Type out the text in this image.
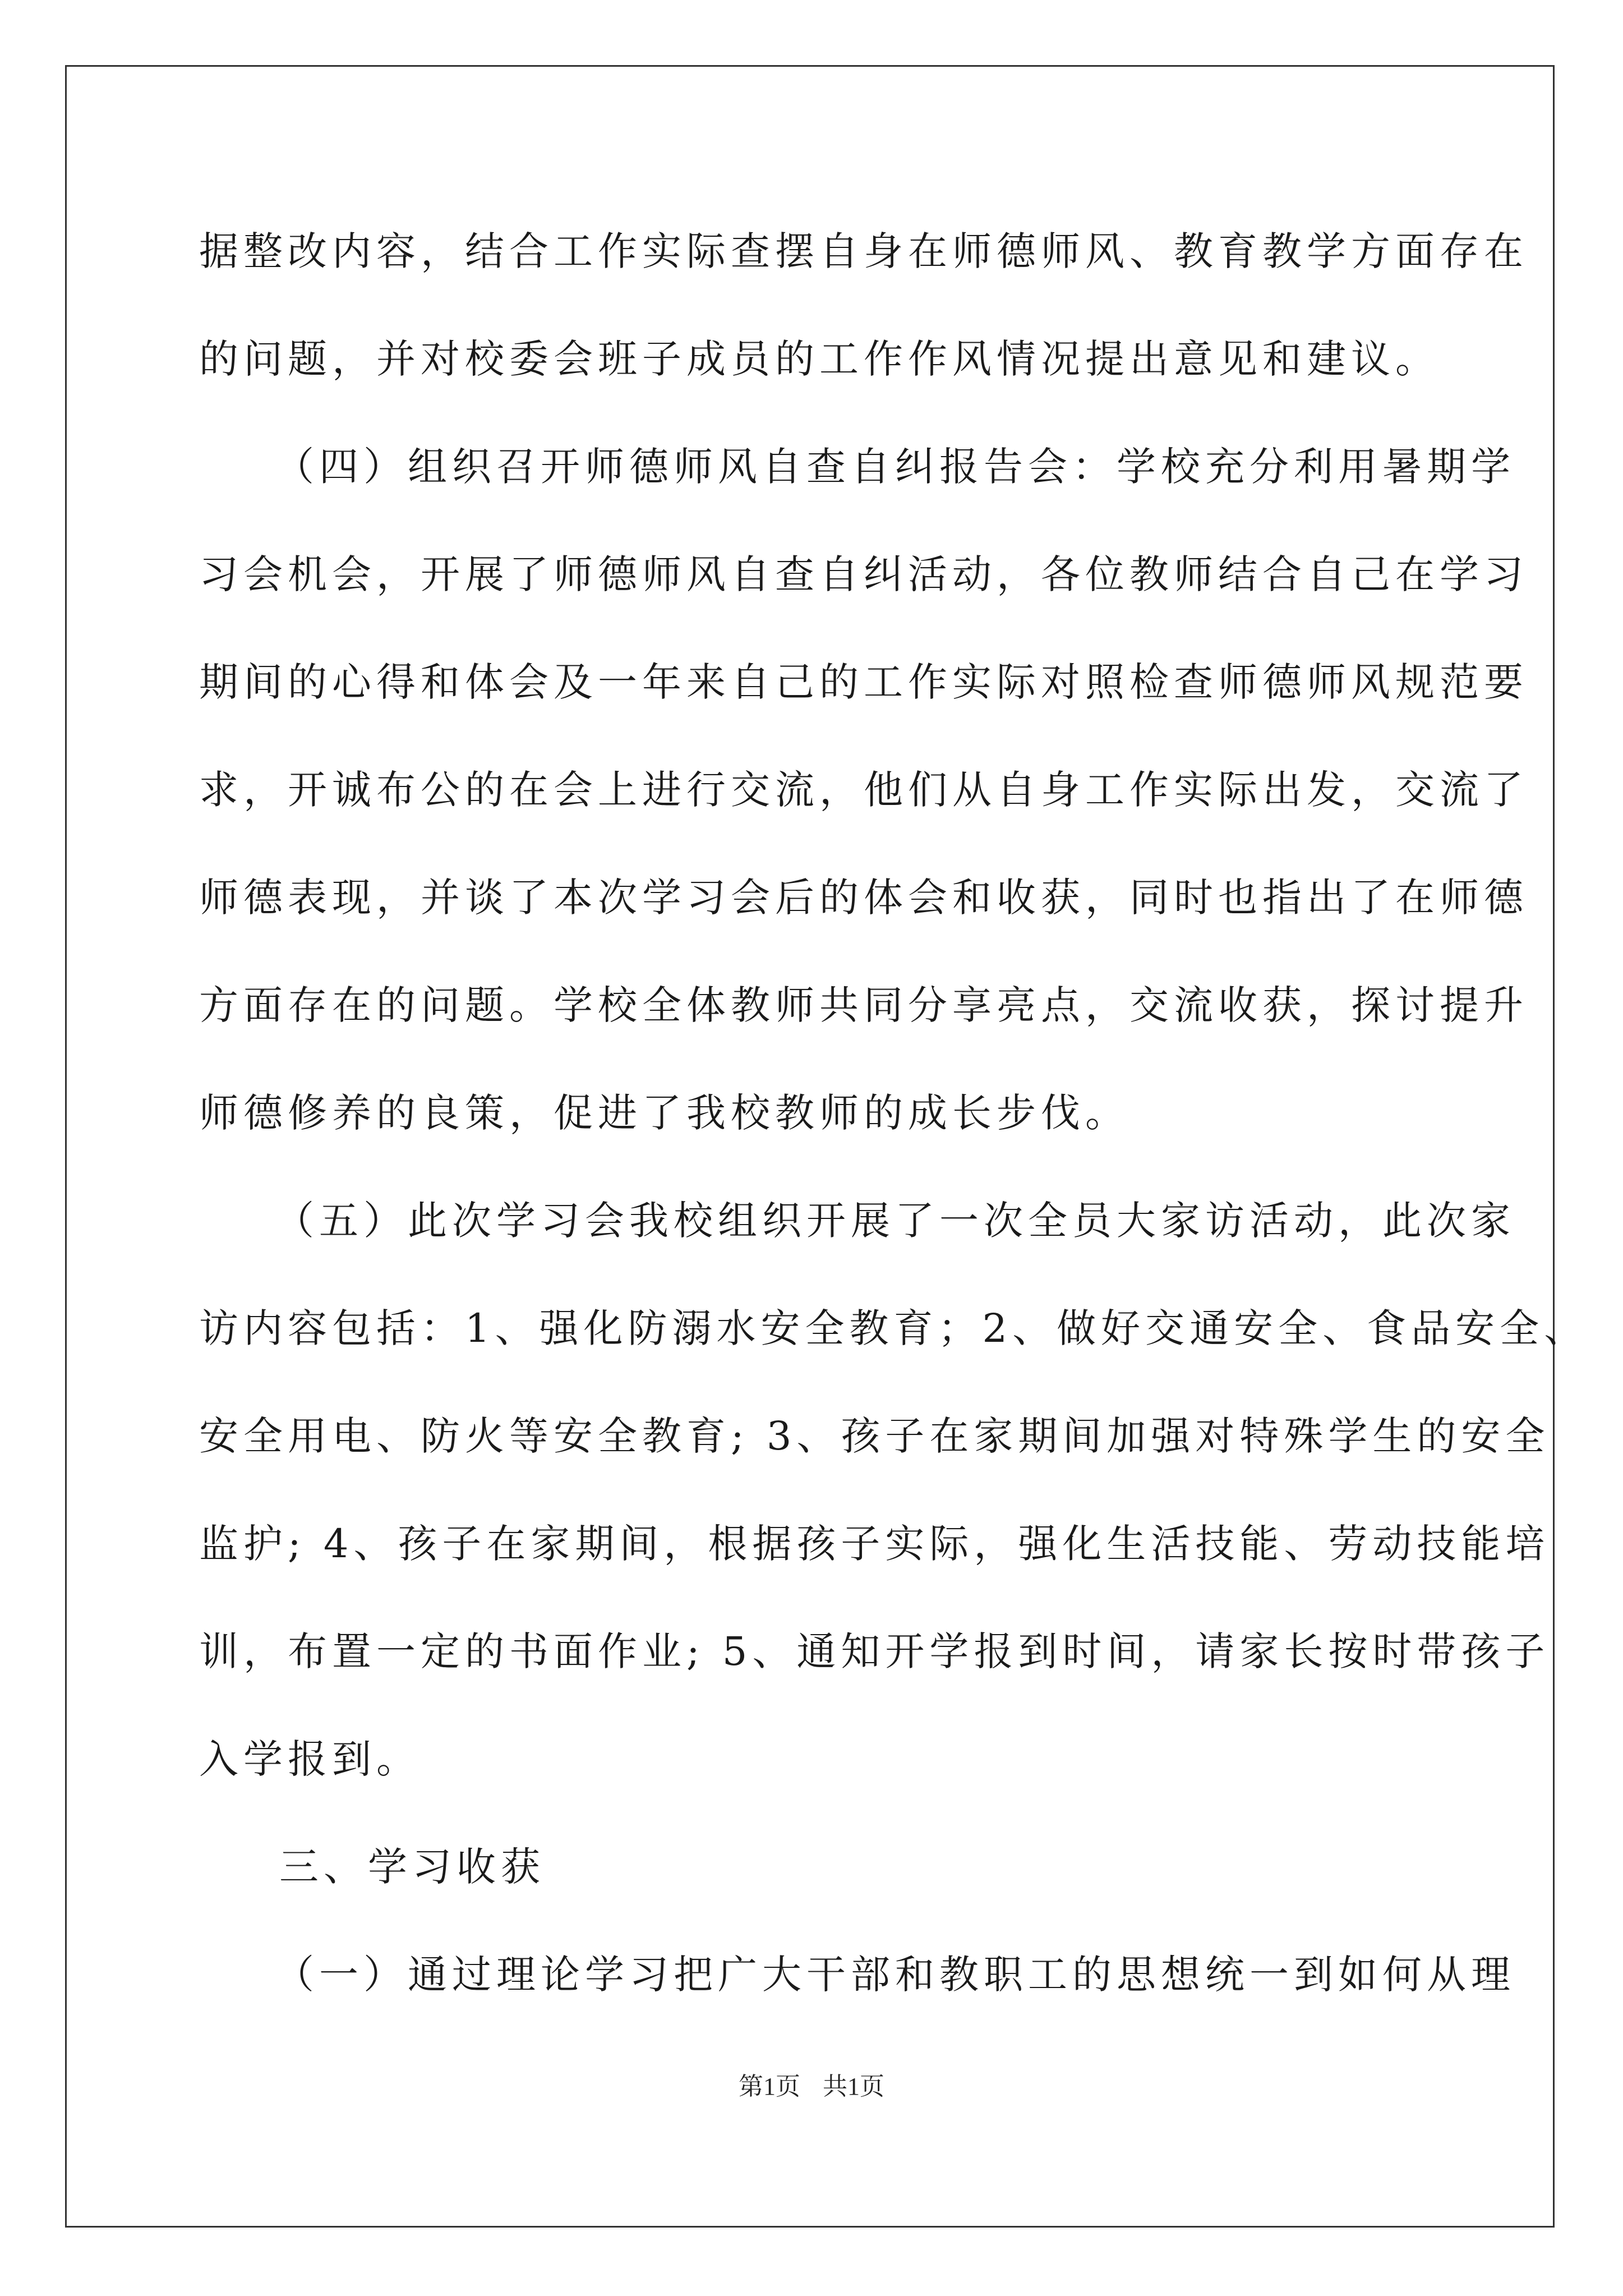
据整改内容，结合工作实际查摆自身在师德师风、教育教学方面存在
的问题，并对校委会班子成员的工作作风情况提出意见和建议。
（四）组织召开师德师风自查自纠报告会：学校充分利用暑期学
习会机会，开展了师德师风自查自纠活动，各位教师结合自己在学习
期间的心得和体会及一年来自己的工作实际对照检查师德师风规范要
求，开诚布公的在会上进行交流，他们从自身工作实际出发，交流了
师德表现，并谈了本次学习会后的体会和收获，同时也指出了在师德
方面存在的问题。学校全体教师共同分享亮点，交流收获，探讨提升
师德修养的良策，促进了我校教师的成长步伐。
（五）此次学习会我校组织开展了一次全员大家访活动，此次家
访内容包括：1、强化防溺水安全教育；2、做好交通安全、食品安全、
安全用电、防火等安全教育; 3、孩子在家期间加强对特殊学生的安全
监护; 4、孩子在家期间，根据孩子实际，强化生活技能、劳动技能培
训，布置一定的书面作业; 5、通知开学报到时间，请家长按时带孩子
入学报到。
三、学习收获
（一）通过理论学习把广大干部和教职工的思想统一到如何从理
第1页 共1页
